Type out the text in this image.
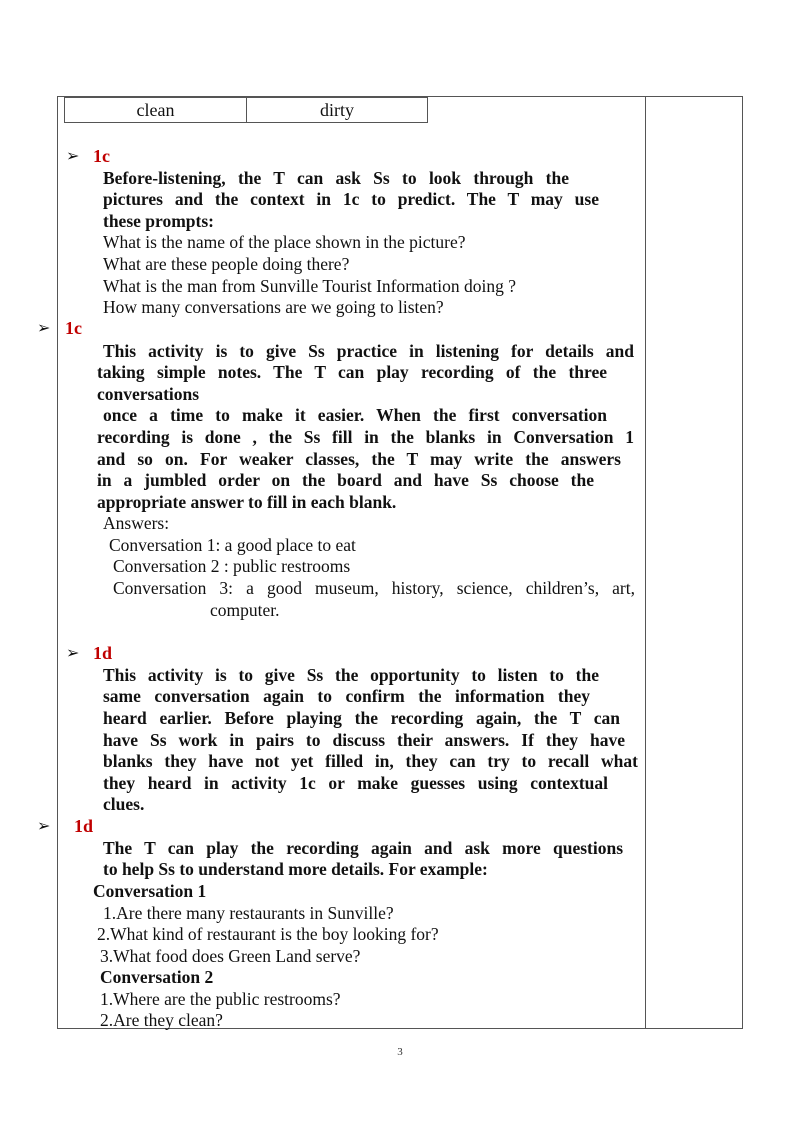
clean	dirty
➢ 1c
Before-listening, the T can ask Ss to look through the
pictures and the context in 1c to predict. The T may use
these prompts:
What is the name of the place shown in the picture?
What are these people doing there?
What is the man from Sunville Tourist Information doing ?
How many conversations are we going to listen?
➢ 1c
This activity is to give Ss practice in listening for details and
taking simple notes. The T can play recording of the three
conversations
once a time to make it easier. When the first conversation
recording is done , the Ss fill in the blanks in Conversation 1
and so on. For weaker classes, the T may write the answers
in a jumbled order on the board and have Ss choose the
appropriate answer to fill in each blank.
Answers:
Conversation 1: a good place to eat
Conversation 2 : public restrooms
Conversation 3: a good museum, history, science, children’s, art,
computer.
➢ 1d
This activity is to give Ss the opportunity to listen to the
same conversation again to confirm the information they
heard earlier. Before playing the recording again, the T can
have Ss work in pairs to discuss their answers. If they have
blanks they have not yet filled in, they can try to recall what
they heard in activity 1c or make guesses using contextual
clues.
➢ 1d
The T can play the recording again and ask more questions
to help Ss to understand more details. For example:
Conversation 1
1.Are there many restaurants in Sunville?
2.What kind of restaurant is the boy looking for?
3.What food does Green Land serve?
Conversation 2
1.Where are the public restrooms?
2.Are they clean?
3
